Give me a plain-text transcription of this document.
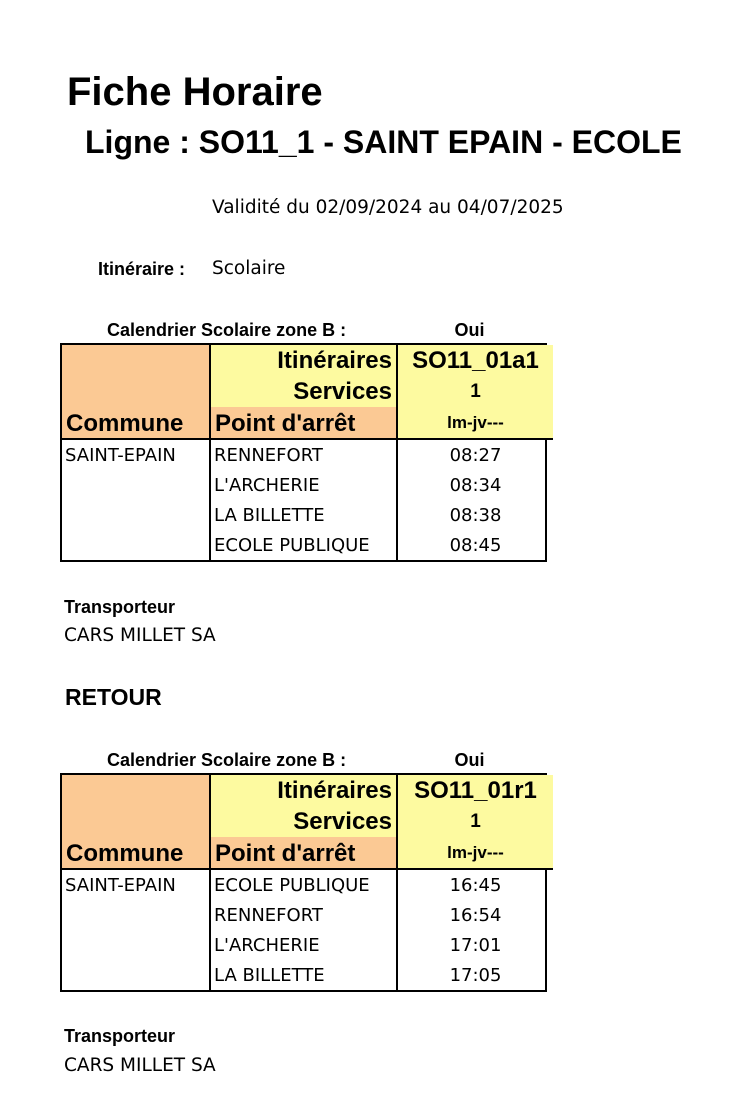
Fiche Horaire
Ligne : SO11_1 - SAINT EPAIN - ECOLE
Validité du 02/09/2024 au 04/07/2025
Itinéraire : Scolaire
Calendrier Scolaire zone B :	Oui
	Itinéraires	SO11_01a1
	Services	1
Commune	Point d'arrêt	lm-jv---
SAINT-EPAIN	RENNEFORT	08:27
	L'ARCHERIE	08:34
	LA BILLETTE	08:38
	ECOLE PUBLIQUE	08:45
Transporteur
CARS MILLET SA
RETOUR
Calendrier Scolaire zone B :	Oui
	Itinéraires	SO11_01r1
	Services	1
Commune	Point d'arrêt	lm-jv---
SAINT-EPAIN	ECOLE PUBLIQUE	16:45
	RENNEFORT	16:54
	L'ARCHERIE	17:01
	LA BILLETTE	17:05
Transporteur
CARS MILLET SA
